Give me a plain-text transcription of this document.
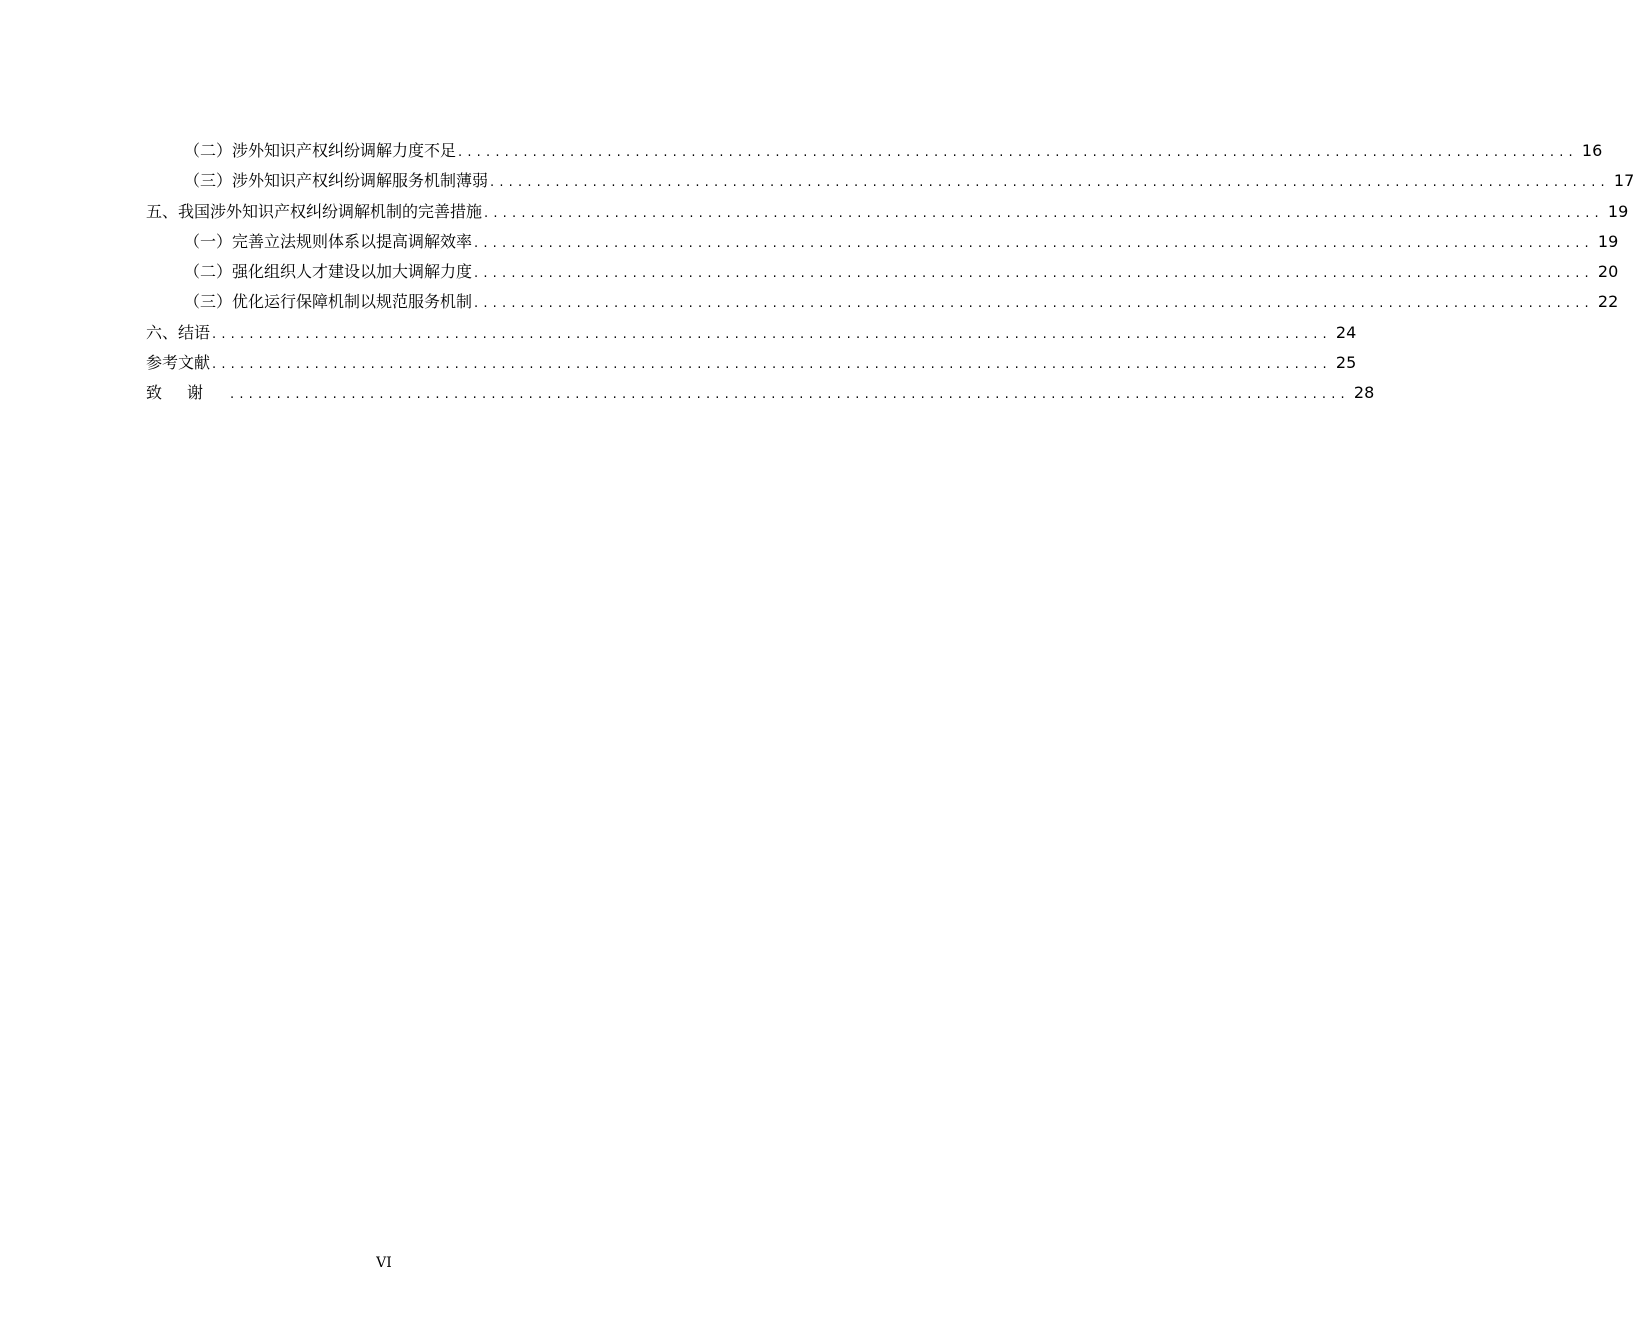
（二）涉外知识产权纠纷调解力度不足 ........................................................................................................................ 16
（三）涉外知识产权纠纷调解服务机制薄弱 ........................................................................................................................ 17
五、我国涉外知识产权纠纷调解机制的完善措施 ........................................................................................................................ 19
（一）完善立法规则体系以提高调解效率 ........................................................................................................................ 19
（二）强化组织人才建设以加大调解力度 ........................................................................................................................ 20
（三）优化运行保障机制以规范服务机制 ........................................................................................................................ 22
六、结语 ........................................................................................................................ 24
参考文献 ........................................................................................................................ 25
致谢 ........................................................................................................................ 28
VI
